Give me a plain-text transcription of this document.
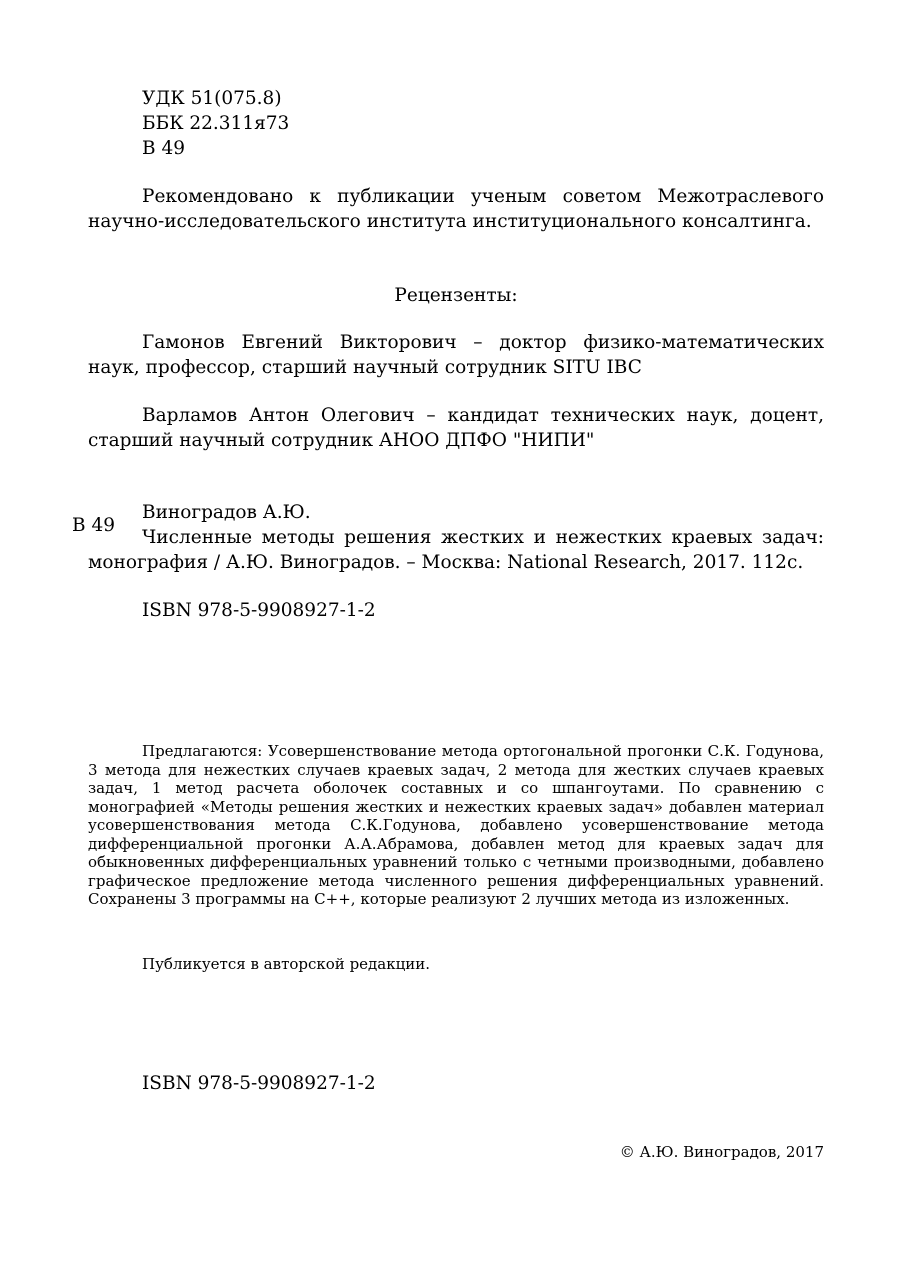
УДК 51(075.8)
ББК 22.311я73
В 49
Рекомендовано к публикации ученым советом Межотраслевого научно-исследовательского института институционального консалтинга.
Рецензенты:
Гамонов Евгений Викторович – доктор физико-математических наук, профессор, старший научный сотрудник SITU IBC
Варламов Антон Олегович – кандидат технических наук, доцент, старший научный сотрудник АНОО ДПФО "НИПИ"
В 49
Виноградов А.Ю.
Численные методы решения жестких и нежестких краевых задач: монография / А.Ю. Виноградов. – Москва: National Research, 2017. 112с.
ISBN 978-5-9908927-1-2
Предлагаются: Усовершенствование метода ортогональной прогонки С.К. Годунова, 3 метода для нежестких случаев краевых задач, 2 метода для жестких случаев краевых задач, 1 метод расчета оболочек составных и со шпангоутами. По сравнению с монографией «Методы решения жестких и нежестких краевых задач» добавлен материал усовершенствования метода С.К.Годунова, добавлено усовершенствование метода дифференциальной прогонки А.А.Абрамова, добавлен метод для краевых задач для обыкновенных дифференциальных уравнений только с четными производными, добавлено графическое предложение метода численного решения дифференциальных уравнений. Сохранены 3 программы на С++, которые реализуют 2 лучших метода из изложенных.
Публикуется в авторской редакции.
ISBN 978-5-9908927-1-2
© А.Ю. Виноградов, 2017
